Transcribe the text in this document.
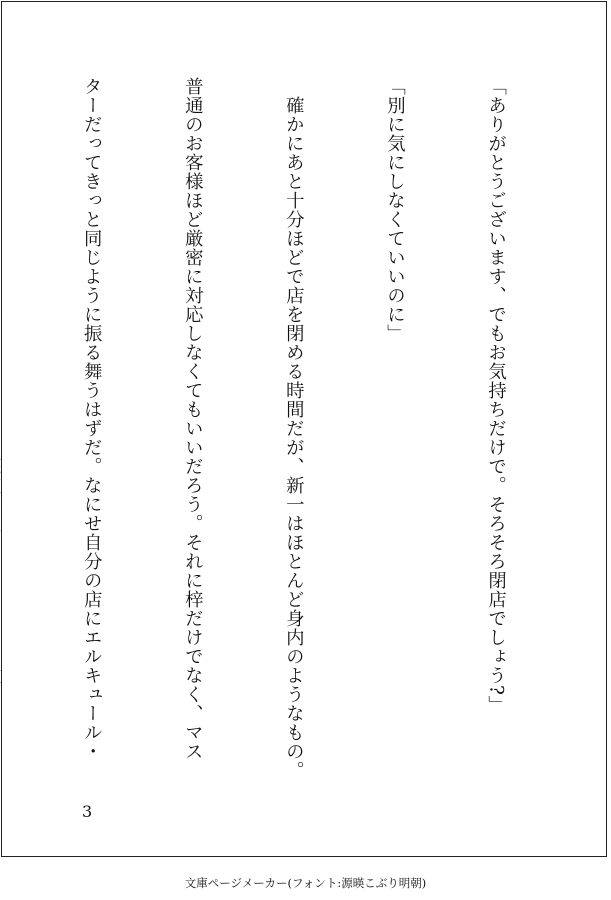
「ありがとうございます、でもお気持ちだけで。そろそろ閉店でしょう?」

「別に気にしなくていいのに」

　確かにあと十分ほどで店を閉める時間だが、新一はほとんど身内のようなもの。

普通のお客様ほど厳密に対応しなくてもいいだろう。それに梓だけでなく、マス

ターだってきっと同じように振る舞うはずだ。なにせ自分の店にエルキュール・

3
文庫ページメーカー(フォント:源暎こぶり明朝)
